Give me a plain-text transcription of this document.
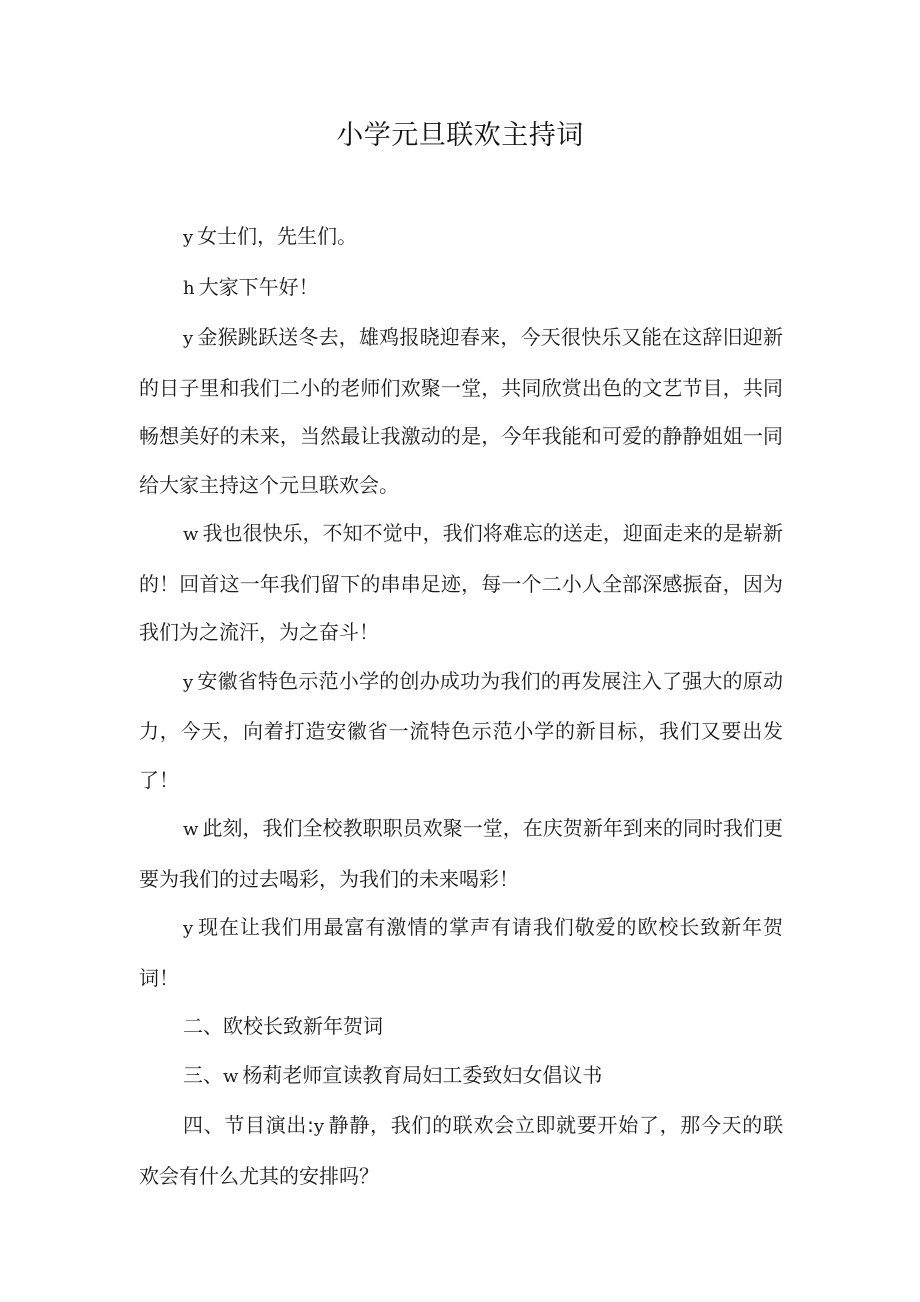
小学元旦联欢主持词

y 女士们，先生们。

h 大家下午好！

y 金猴跳跃送冬去，雄鸡报晓迎春来，今天很快乐又能在这辞旧迎新的日子里和我们二小的老师们欢聚一堂，共同欣赏出色的文艺节目，共同畅想美好的未来，当然最让我激动的是，今年我能和可爱的静静姐姐一同给大家主持这个元旦联欢会。

w 我也很快乐，不知不觉中，我们将难忘的送走，迎面走来的是崭新的！回首这一年我们留下的串串足迹，每一个二小人全部深感振奋，因为我们为之流汗，为之奋斗！

y 安徽省特色示范小学的创办成功为我们的再发展注入了强大的原动力，今天，向着打造安徽省一流特色示范小学的新目标，我们又要出发了！

w 此刻，我们全校教职职员欢聚一堂，在庆贺新年到来的同时我们更要为我们的过去喝彩，为我们的未来喝彩！

y 现在让我们用最富有激情的掌声有请我们敬爱的欧校长致新年贺词！

二、欧校长致新年贺词

三、w 杨莉老师宣读教育局妇工委致妇女倡议书

四、节目演出:y 静静，我们的联欢会立即就要开始了，那今天的联欢会有什么尤其的安排吗？
